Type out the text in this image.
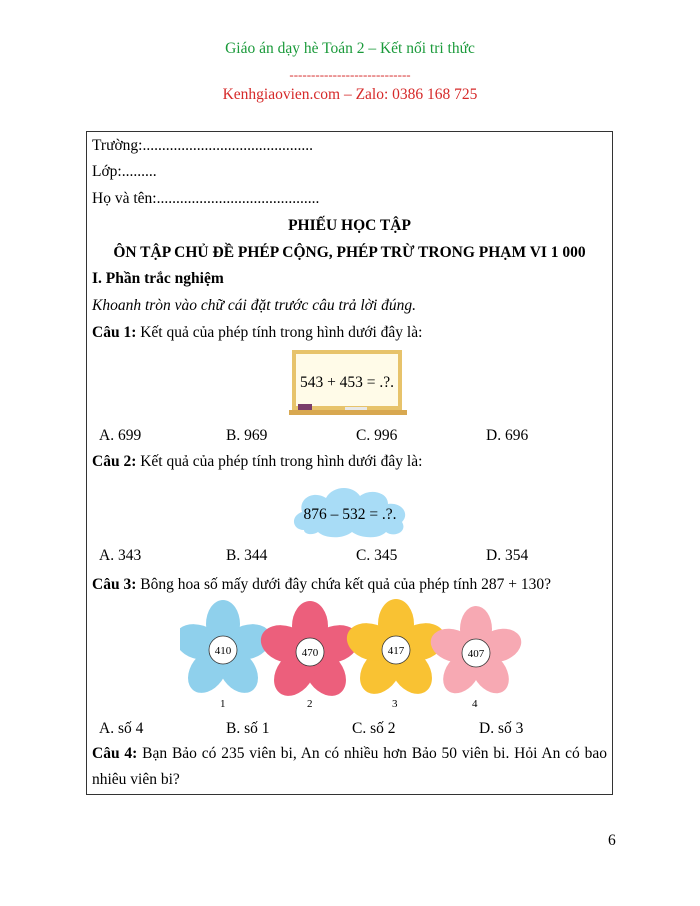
Giáo án dạy hè Toán 2 – Kết nối tri thức
----------------------------
Kenhgiaovien.com – Zalo: 0386 168 725
Trường:............................................
Lớp:.........
Họ và tên:..........................................
PHIẾU HỌC TẬP
ÔN TẬP CHỦ ĐỀ PHÉP CỘNG, PHÉP TRỪ TRONG PHẠM VI 1 000
I. Phần trắc nghiệm
Khoanh tròn vào chữ cái đặt trước câu trả lời đúng.
Câu 1: Kết quả của phép tính trong hình dưới đây là:
543 + 453 = .?.
A. 699	B. 969	C. 996	D. 696
Câu 2: Kết quả của phép tính trong hình dưới đây là:
876 – 532 = .?.
A. 343	B. 344	C. 345	D. 354
Câu 3: Bông hoa số mấy dưới đây chứa kết quả của phép tính 287 + 130?
410	470	417	407
1	2	3	4
A. số 4	B. số 1	C. số 2	D. số 3
Câu 4: Bạn Bảo có 235 viên bi, An có nhiều hơn Bảo 50 viên bi. Hỏi An có bao
nhiêu viên bi?
6
